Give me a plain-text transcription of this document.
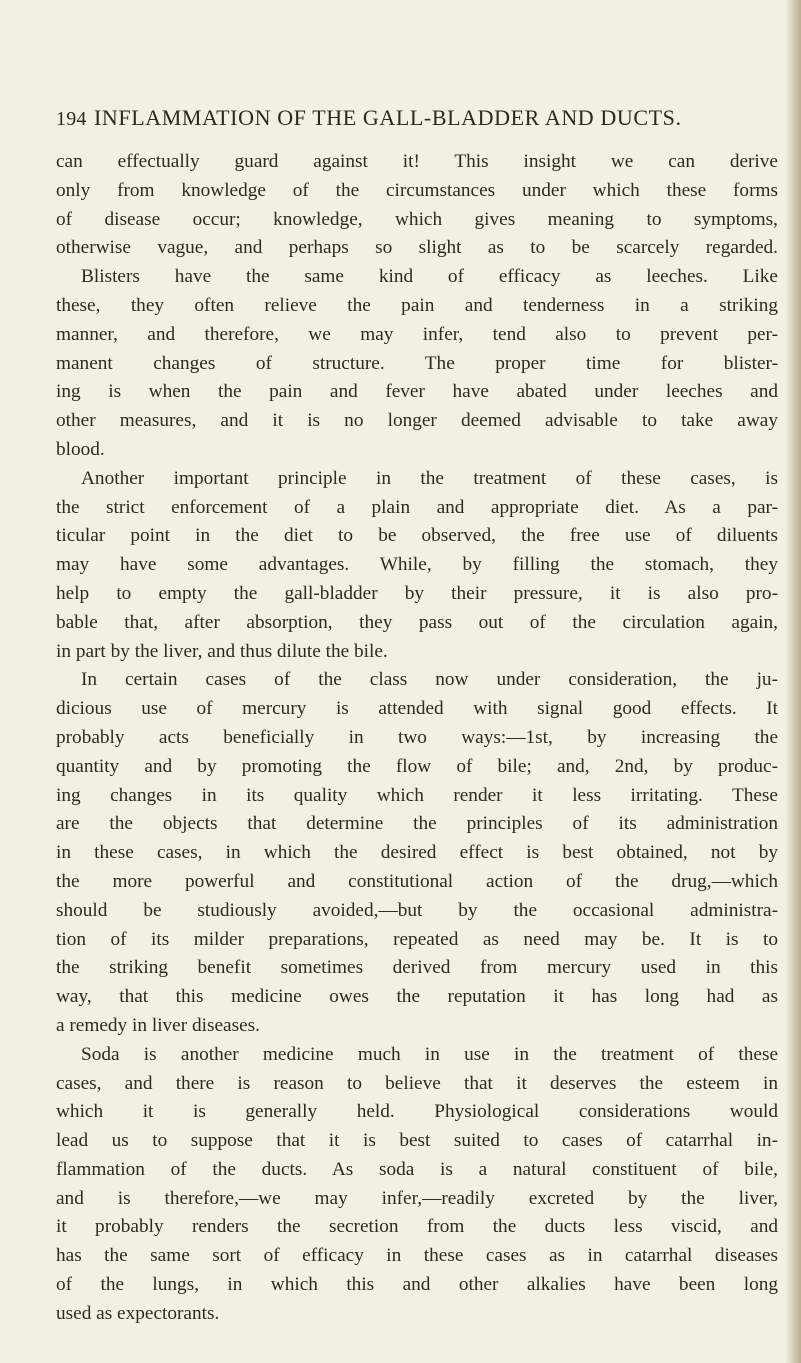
194 INFLAMMATION OF THE GALL-BLADDER AND DUCTS.
can effectually guard against it! This insight we can derive
only from knowledge of the circumstances under which these forms
of disease occur; knowledge, which gives meaning to symptoms,
otherwise vague, and perhaps so slight as to be scarcely regarded.
Blisters have the same kind of efficacy as leeches. Like
these, they often relieve the pain and tenderness in a striking
manner, and therefore, we may infer, tend also to prevent per-
manent changes of structure. The proper time for blister-
ing is when the pain and fever have abated under leeches and
other measures, and it is no longer deemed advisable to take away
blood.
Another important principle in the treatment of these cases, is
the strict enforcement of a plain and appropriate diet. As a par-
ticular point in the diet to be observed, the free use of diluents
may have some advantages. While, by filling the stomach, they
help to empty the gall-bladder by their pressure, it is also pro-
bable that, after absorption, they pass out of the circulation again,
in part by the liver, and thus dilute the bile.
In certain cases of the class now under consideration, the ju-
dicious use of mercury is attended with signal good effects. It
probably acts beneficially in two ways:—1st, by increasing the
quantity and by promoting the flow of bile; and, 2nd, by produc-
ing changes in its quality which render it less irritating. These
are the objects that determine the principles of its administration
in these cases, in which the desired effect is best obtained, not by
the more powerful and constitutional action of the drug,—which
should be studiously avoided,—but by the occasional administra-
tion of its milder preparations, repeated as need may be. It is to
the striking benefit sometimes derived from mercury used in this
way, that this medicine owes the reputation it has long had as
a remedy in liver diseases.
Soda is another medicine much in use in the treatment of these
cases, and there is reason to believe that it deserves the esteem in
which it is generally held. Physiological considerations would
lead us to suppose that it is best suited to cases of catarrhal in-
flammation of the ducts. As soda is a natural constituent of bile,
and is therefore,—we may infer,—readily excreted by the liver,
it probably renders the secretion from the ducts less viscid, and
has the same sort of efficacy in these cases as in catarrhal diseases
of the lungs, in which this and other alkalies have been long
used as expectorants.
